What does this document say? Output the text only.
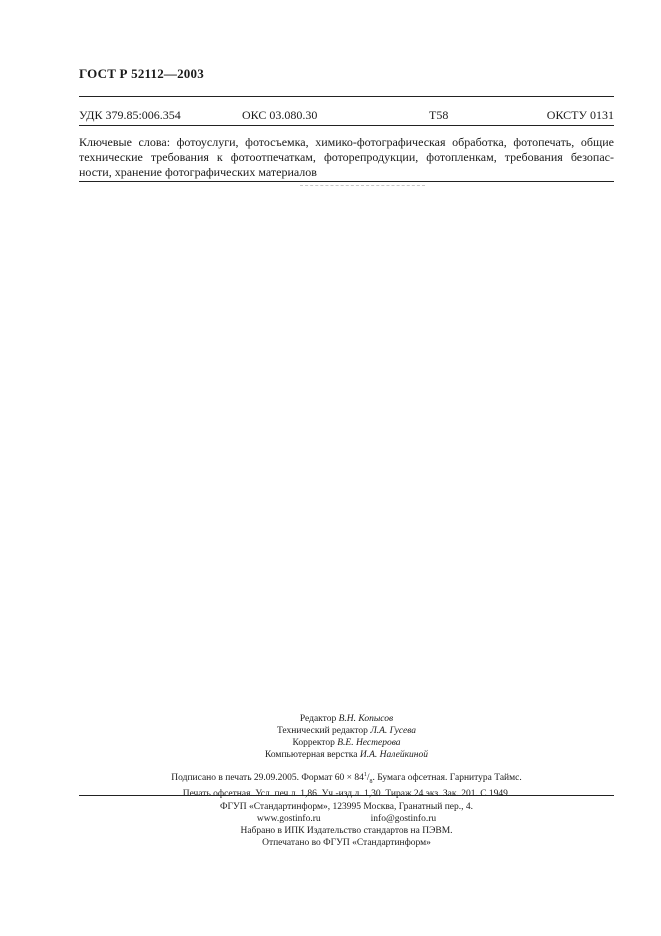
ГОСТ Р 52112—2003
УДК 379.85:006.354	ОКС 03.080.30	Т58	ОКСТУ 0131
Ключевые слова: фотоуслуги, фотосъемка, химико-фотографическая обработка, фотопечать, общие
технические требования к фотоотпечаткам, фоторепродукции, фотопленкам, требования безопас-
ности, хранение фотографических материалов
Редактор В.Н. Копысов
Технический редактор Л.А. Гусева
Корректор В.Е. Нестерова
Компьютерная верстка И.А. Налейкиной
Подписано в печать 29.09.2005. Формат $60 \times 84^1/_8$. Бумага офсетная. Гарнитура Таймс.
Печать офсетная. Усл. печ.л. 1,86. Уч.-изд.л. 1,30. Тираж 24 экз. Зак. 201. С 1949.
ФГУП «Стандартинформ», 123995 Москва, Гранатный пер., 4.
www.gostinfo.ru	info@gostinfo.ru
Набрано в ИПК Издательство стандартов на ПЭВМ.
Отпечатано во ФГУП «Стандартинформ»
